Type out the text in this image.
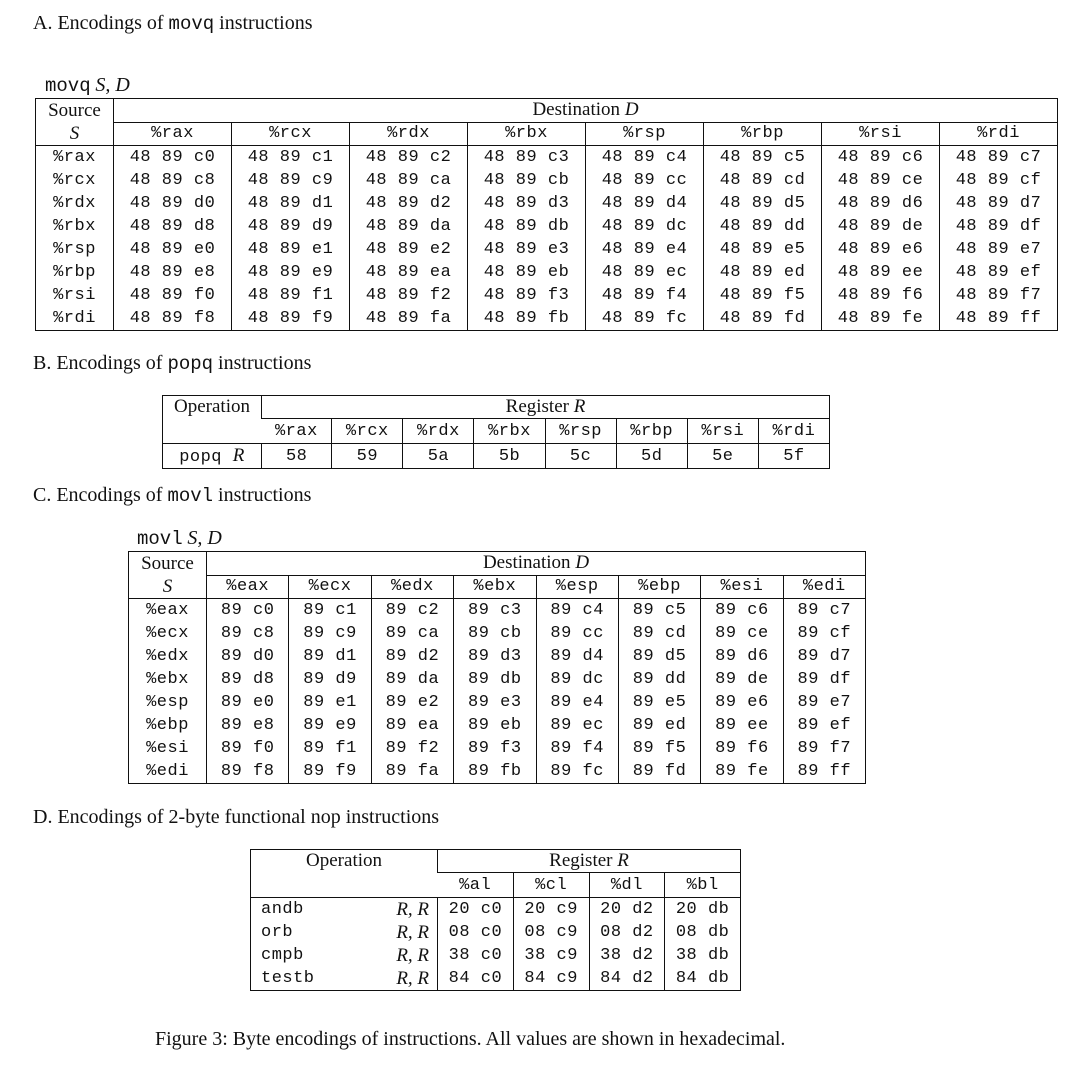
A. Encodings of movq instructions
movq S, D
Source	Destination D							
S	%rax	%rcx	%rdx	%rbx	%rsp	%rbp	%rsi	%rdi
%rax	48 89 c0	48 89 c1	48 89 c2	48 89 c3	48 89 c4	48 89 c5	48 89 c6	48 89 c7
%rcx	48 89 c8	48 89 c9	48 89 ca	48 89 cb	48 89 cc	48 89 cd	48 89 ce	48 89 cf
%rdx	48 89 d0	48 89 d1	48 89 d2	48 89 d3	48 89 d4	48 89 d5	48 89 d6	48 89 d7
%rbx	48 89 d8	48 89 d9	48 89 da	48 89 db	48 89 dc	48 89 dd	48 89 de	48 89 df
%rsp	48 89 e0	48 89 e1	48 89 e2	48 89 e3	48 89 e4	48 89 e5	48 89 e6	48 89 e7
%rbp	48 89 e8	48 89 e9	48 89 ea	48 89 eb	48 89 ec	48 89 ed	48 89 ee	48 89 ef
%rsi	48 89 f0	48 89 f1	48 89 f2	48 89 f3	48 89 f4	48 89 f5	48 89 f6	48 89 f7
%rdi	48 89 f8	48 89 f9	48 89 fa	48 89 fb	48 89 fc	48 89 fd	48 89 fe	48 89 ff
B. Encodings of popq instructions
Operation	Register R							
	%rax	%rcx	%rdx	%rbx	%rsp	%rbp	%rsi	%rdi
popq R	58	59	5a	5b	5c	5d	5e	5f
C. Encodings of movl instructions
movl S, D
Source	Destination D							
S	%eax	%ecx	%edx	%ebx	%esp	%ebp	%esi	%edi
%eax	89 c0	89 c1	89 c2	89 c3	89 c4	89 c5	89 c6	89 c7
%ecx	89 c8	89 c9	89 ca	89 cb	89 cc	89 cd	89 ce	89 cf
%edx	89 d0	89 d1	89 d2	89 d3	89 d4	89 d5	89 d6	89 d7
%ebx	89 d8	89 d9	89 da	89 db	89 dc	89 dd	89 de	89 df
%esp	89 e0	89 e1	89 e2	89 e3	89 e4	89 e5	89 e6	89 e7
%ebp	89 e8	89 e9	89 ea	89 eb	89 ec	89 ed	89 ee	89 ef
%esi	89 f0	89 f1	89 f2	89 f3	89 f4	89 f5	89 f6	89 f7
%edi	89 f8	89 f9	89 fa	89 fb	89 fc	89 fd	89 fe	89 ff
D. Encodings of 2-byte functional nop instructions
Operation		Register R			
		%al	%cl	%dl	%bl
andb	R, R	20 c0	20 c9	20 d2	20 db
orb	R, R	08 c0	08 c9	08 d2	08 db
cmpb	R, R	38 c0	38 c9	38 d2	38 db
testb	R, R	84 c0	84 c9	84 d2	84 db
Figure 3: Byte encodings of instructions. All values are shown in hexadecimal.
